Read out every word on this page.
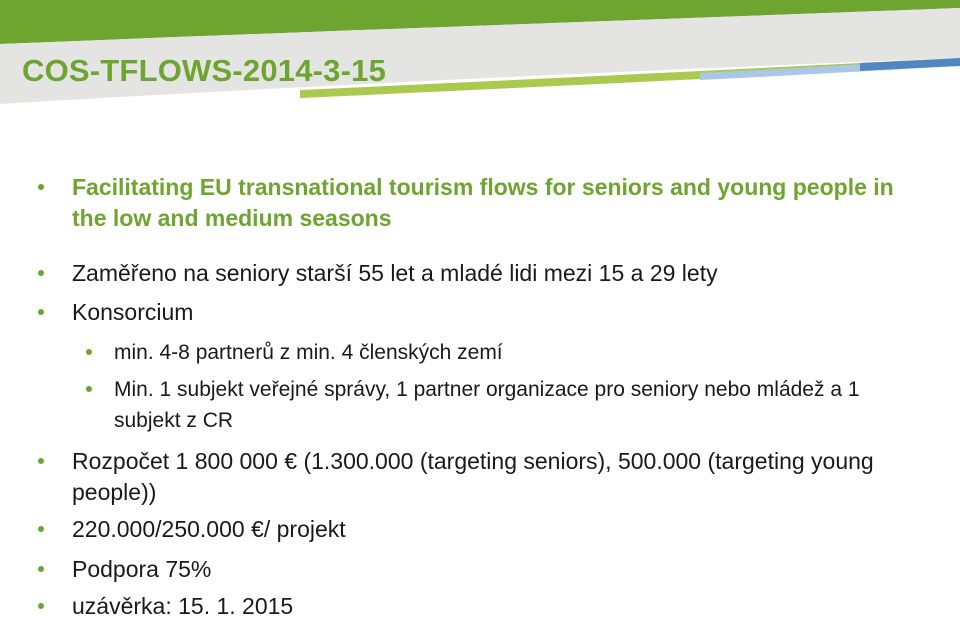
COS-TFLOWS-2014-3-15
Facilitating EU transnational tourism flows for seniors and young people in the low and medium seasons
Zaměřeno na seniory starší 55 let a mladé lidi mezi 15 a 29 lety
Konsorcium
min. 4-8 partnerů z min. 4 členských zemí
Min. 1 subjekt veřejné správy, 1 partner organizace pro seniory nebo mládež a 1 subjekt z CR
Rozpočet 1 800 000 € (1.300.000 (targeting seniors), 500.000 (targeting young people))
220.000/250.000 €/ projekt
Podpora 75%
uzávěrka: 15. 1. 2015
